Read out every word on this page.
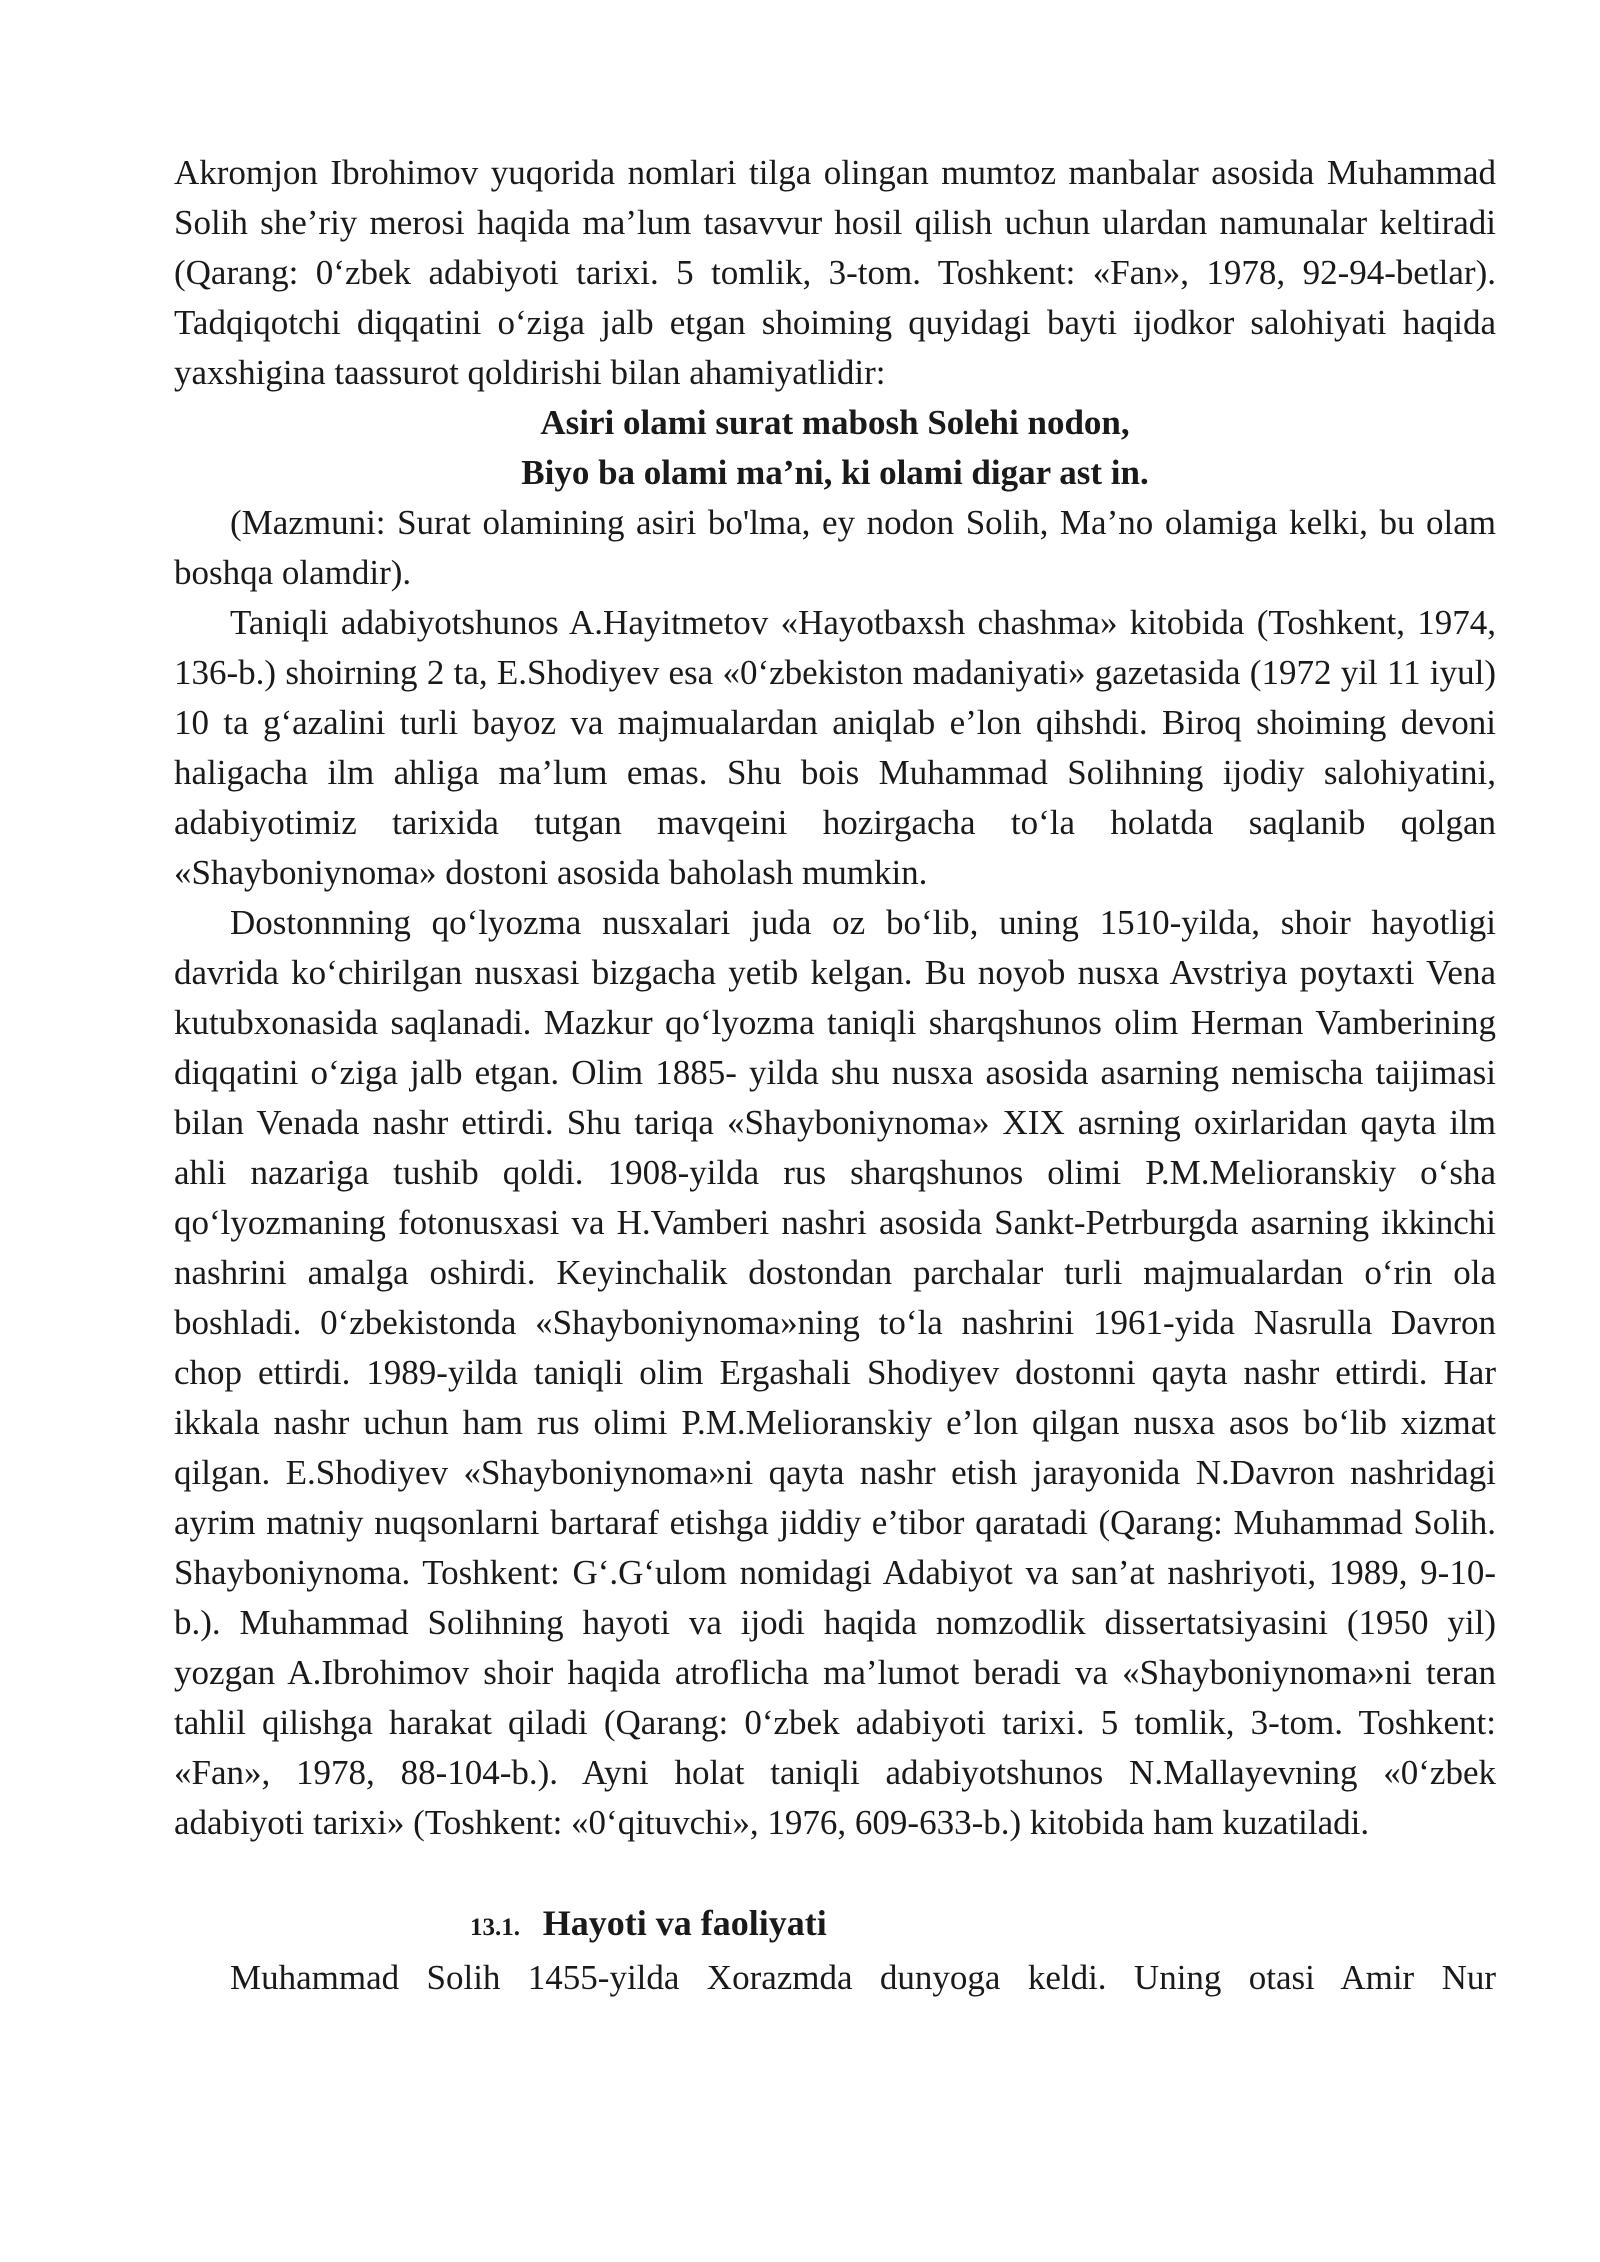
Akromjon Ibrohimov yuqorida nomlari tilga olingan mumtoz manbalar asosida Muhammad Solih she’riy merosi haqida ma’lum tasavvur hosil qilish uchun ulardan namunalar keltiradi (Qarang: 0‘zbek adabiyoti tarixi. 5 tomlik, 3-tom. Toshkent: «Fan», 1978, 92-94-betlar). Tadqiqotchi diqqatini o‘ziga jalb etgan shoiming quyidagi bayti ijodkor salohiyati haqida yaxshigina taassurot qoldirishi bilan ahamiyatlidir:

Asiri olami surat mabosh Solehi nodon,

Biyo ba olami ma’ni, ki olami digar ast in.

(Mazmuni: Surat olamining asiri bo'lma, ey nodon Solih, Ma’no olamiga kelki, bu olam boshqa olamdir).

Taniqli adabiyotshunos A.Hayitmetov «Hayotbaxsh chashma» kitobida (Toshkent, 1974, 136-b.) shoirning 2 ta, E.Shodiyev esa «0‘zbekiston madaniyati» gazetasida (1972 yil 11 iyul) 10 ta g‘azalini turli bayoz va majmualardan aniqlab e’lon qihshdi. Biroq shoiming devoni haligacha ilm ahliga ma’lum emas. Shu bois Muhammad Solihning ijodiy salohiyatini, adabiyotimiz tarixida tutgan mavqeini hozirgacha to‘la holatda saqlanib qolgan «Shayboniynoma» dostoni asosida baholash mumkin.

Dostonnning qo‘lyozma nusxalari juda oz bo‘lib, uning 1510-yilda, shoir hayotligi davrida ko‘chirilgan nusxasi bizgacha yetib kelgan. Bu noyob nusxa Avstriya poytaxti Vena kutubxonasida saqlanadi. Mazkur qo‘lyozma taniqli sharqshunos olim Herman Vamberining diqqatini o‘ziga jalb etgan. Olim 1885- yilda shu nusxa asosida asarning nemischa taijimasi bilan Venada nashr ettirdi. Shu tariqa «Shayboniynoma» XIX asrning oxirlaridan qayta ilm ahli nazariga tushib qoldi. 1908-yilda rus sharqshunos olimi P.M.Melioranskiy o‘sha qo‘lyozmaning fotonusxasi va H.Vamberi nashri asosida Sankt-Petrburgda asarning ikkinchi nashrini amalga oshirdi. Keyinchalik dostondan parchalar turli majmualardan o‘rin ola boshladi. 0‘zbekistonda «Shayboniynoma»ning to‘la nashrini 1961-yida Nasrulla Davron chop ettirdi. 1989-yilda taniqli olim Ergashali Shodiyev dostonni qayta nashr ettirdi. Har ikkala nashr uchun ham rus olimi P.M.Melioranskiy e’lon qilgan nusxa asos bo‘lib xizmat qilgan. E.Shodiyev «Shayboniynoma»ni qayta nashr etish jarayonida N.Davron nashridagi ayrim matniy nuqsonlarni bartaraf etishga jiddiy e’tibor qaratadi (Qarang: Muhammad Solih. Shayboniynoma. Toshkent: G‘.G‘ulom nomidagi Adabiyot va san’at nashriyoti, 1989, 9-10-b.). Muhammad Solihning hayoti va ijodi haqida nomzodlik dissertatsiyasini (1950 yil) yozgan A.Ibrohimov shoir haqida atroflicha ma’lumot beradi va «Shayboniynoma»ni teran tahlil qilishga harakat qiladi (Qarang: 0‘zbek adabiyoti tarixi. 5 tomlik, 3-tom. Toshkent: «Fan», 1978, 88-104-b.). Ayni holat taniqli adabiyotshunos N.Mallayevning «0‘zbek adabiyoti tarixi» (Toshkent: «0‘qituvchi», 1976, 609-633-b.) kitobida ham kuzatiladi.

13.1. Hayoti va faoliyati

Muhammad Solih 1455-yilda Xorazmda dunyoga keldi. Uning otasi Amir Nur
